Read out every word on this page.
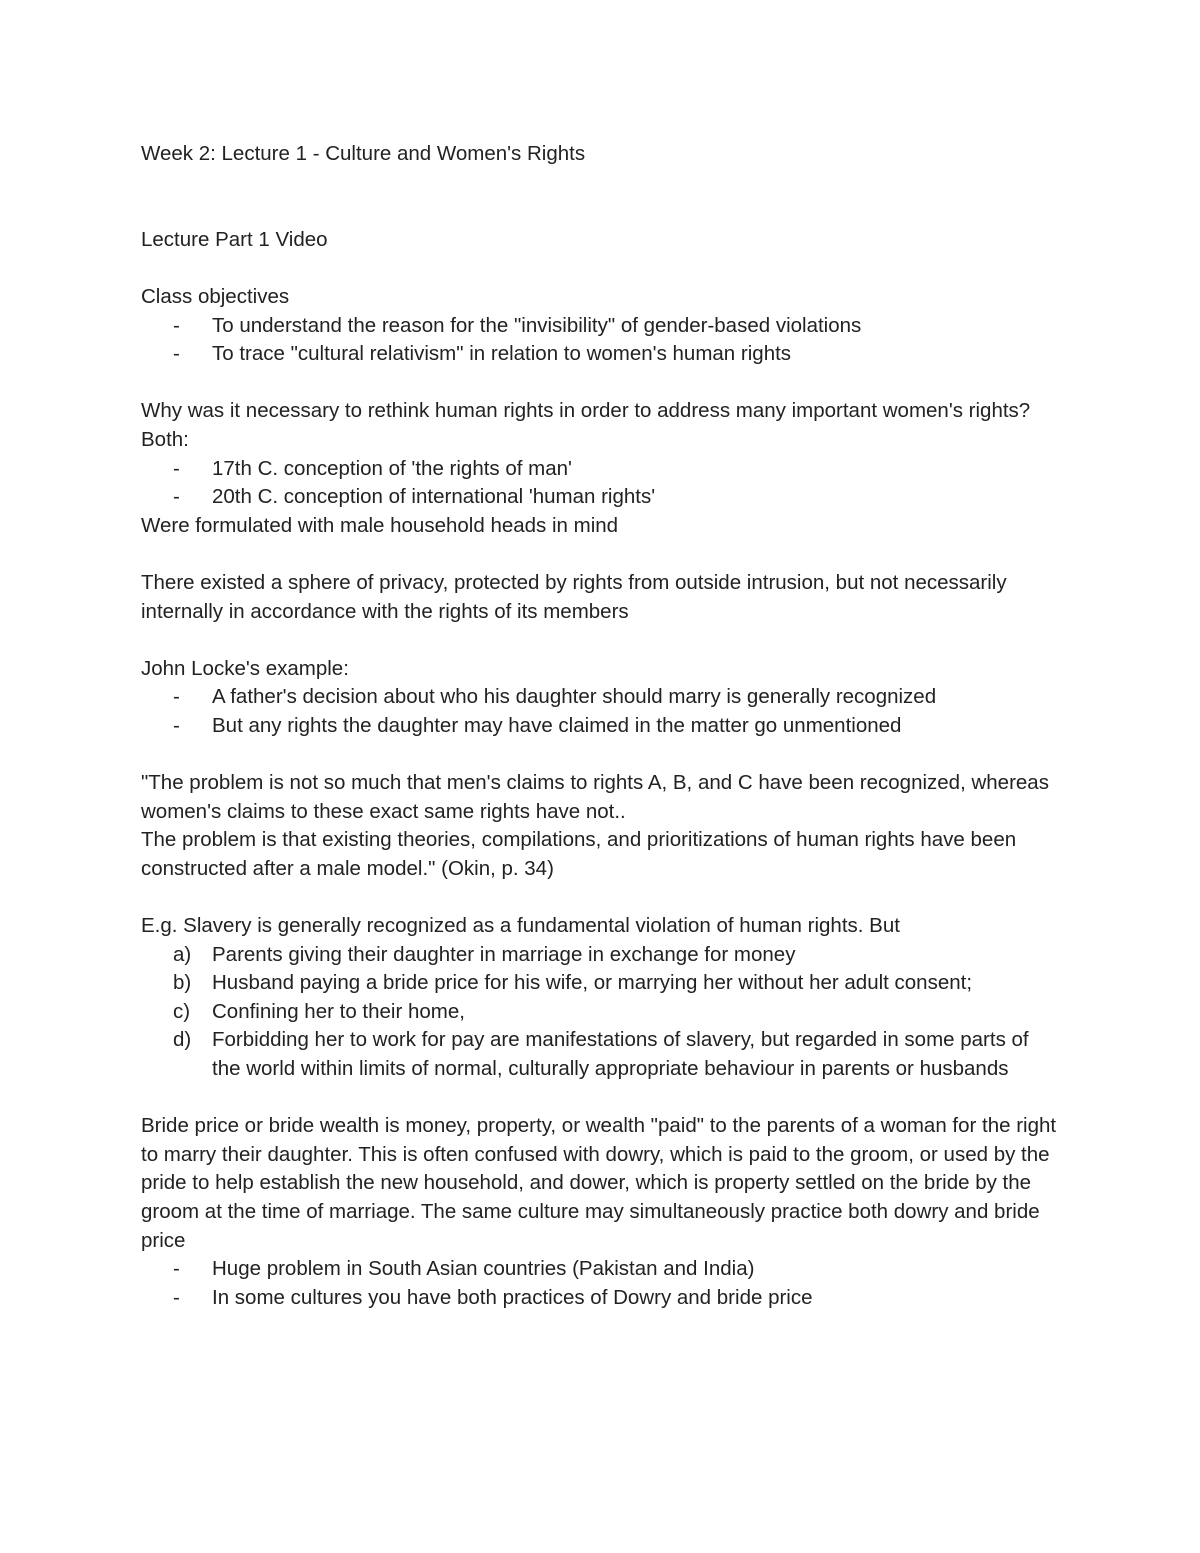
Week 2: Lecture 1 - Culture and Women's Rights

Lecture Part 1 Video

Class objectives

- To understand the reason for the "invisibility" of gender-based violations
- To trace "cultural relativism" in relation to women's human rights

Why was it necessary to rethink human rights in order to address many important women's rights?

Both:

- 17th C. conception of 'the rights of man'
- 20th C. conception of international 'human rights'

Were formulated with male household heads in mind

There existed a sphere of privacy, protected by rights from outside intrusion, but not necessarily internally in accordance with the rights of its members

John Locke's example:

- A father's decision about who his daughter should marry is generally recognized
- But any rights the daughter may have claimed in the matter go unmentioned

"The problem is not so much that men's claims to rights A, B, and C have been recognized, whereas women's claims to these exact same rights have not..

The problem is that existing theories, compilations, and prioritizations of human rights have been constructed after a male model." (Okin, p. 34)

E.g. Slavery is generally recognized as a fundamental violation of human rights. But

a) Parents giving their daughter in marriage in exchange for money
b) Husband paying a bride price for his wife, or marrying her without her adult consent;
c) Confining her to their home,
d) Forbidding her to work for pay are manifestations of slavery, but regarded in some parts of the world within limits of normal, culturally appropriate behaviour in parents or husbands

Bride price or bride wealth is money, property, or wealth "paid" to the parents of a woman for the right to marry their daughter. This is often confused with dowry, which is paid to the groom, or used by the pride to help establish the new household, and dower, which is property settled on the bride by the groom at the time of marriage. The same culture may simultaneously practice both dowry and bride price

- Huge problem in South Asian countries (Pakistan and India)
- In some cultures you have both practices of Dowry and bride price
